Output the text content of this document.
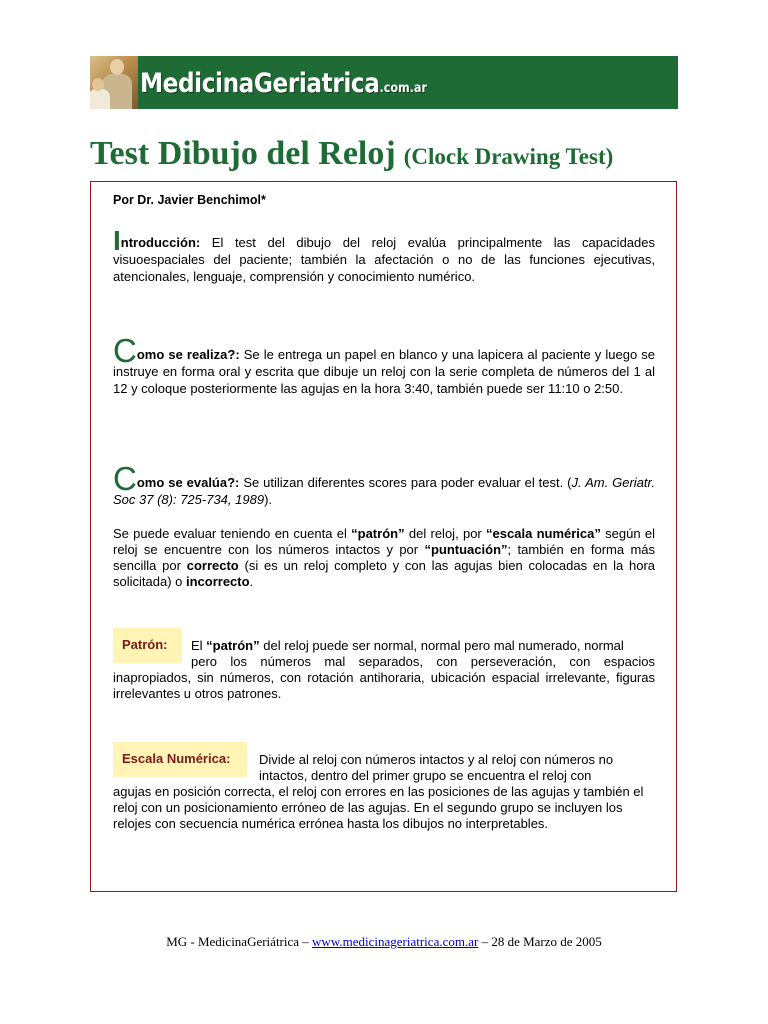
MedicinaGeriatrica.com.ar
Test Dibujo del Reloj (Clock Drawing Test)
Por Dr. Javier Benchimol*

Introducción: El test del dibujo del reloj evalúa principalmente las capacidades visuoespaciales del paciente; también la afectación o no de las funciones ejecutivas, atencionales, lenguaje, comprensión y conocimiento numérico.

Como se realiza?: Se le entrega un papel en blanco y una lapicera al paciente y luego se instruye en forma oral y escrita que dibuje un reloj con la serie completa de números del 1 al 12 y coloque posteriormente las agujas en la hora 3:40, también puede ser 11:10 o 2:50.

Como se evalúa?: Se utilizan diferentes scores para poder evaluar el test. (J. Am. Geriatr. Soc 37 (8): 725-734, 1989).

Se puede evaluar teniendo en cuenta el “patrón” del reloj, por “escala numérica” según el reloj se encuentre con los números intactos y por “puntuación”; también en forma más sencilla por correcto (si es un reloj completo y con las agujas bien colocadas en la hora solicitada) o incorrecto.

Patrón:	El “patrón” del reloj puede ser normal, normal pero mal numerado, normal

pero los números mal separados, con perseveración, con espacios inapropiados, sin números, con rotación antihoraria, ubicación espacial irrelevante, figuras irrelevantes u otros patrones.

Escala Numérica:	Divide al reloj con números intactos y al reloj con números no

intactos, dentro del primer grupo se encuentra el reloj con

agujas en posición correcta, el reloj con errores en las posiciones de las agujas y también el reloj con un posicionamiento erróneo de las agujas. En el segundo grupo se incluyen los relojes con secuencia numérica errónea hasta los dibujos no interpretables.

MG - MedicinaGeriátrica – www.medicinageriatrica.com.ar – 28 de Marzo de 2005
